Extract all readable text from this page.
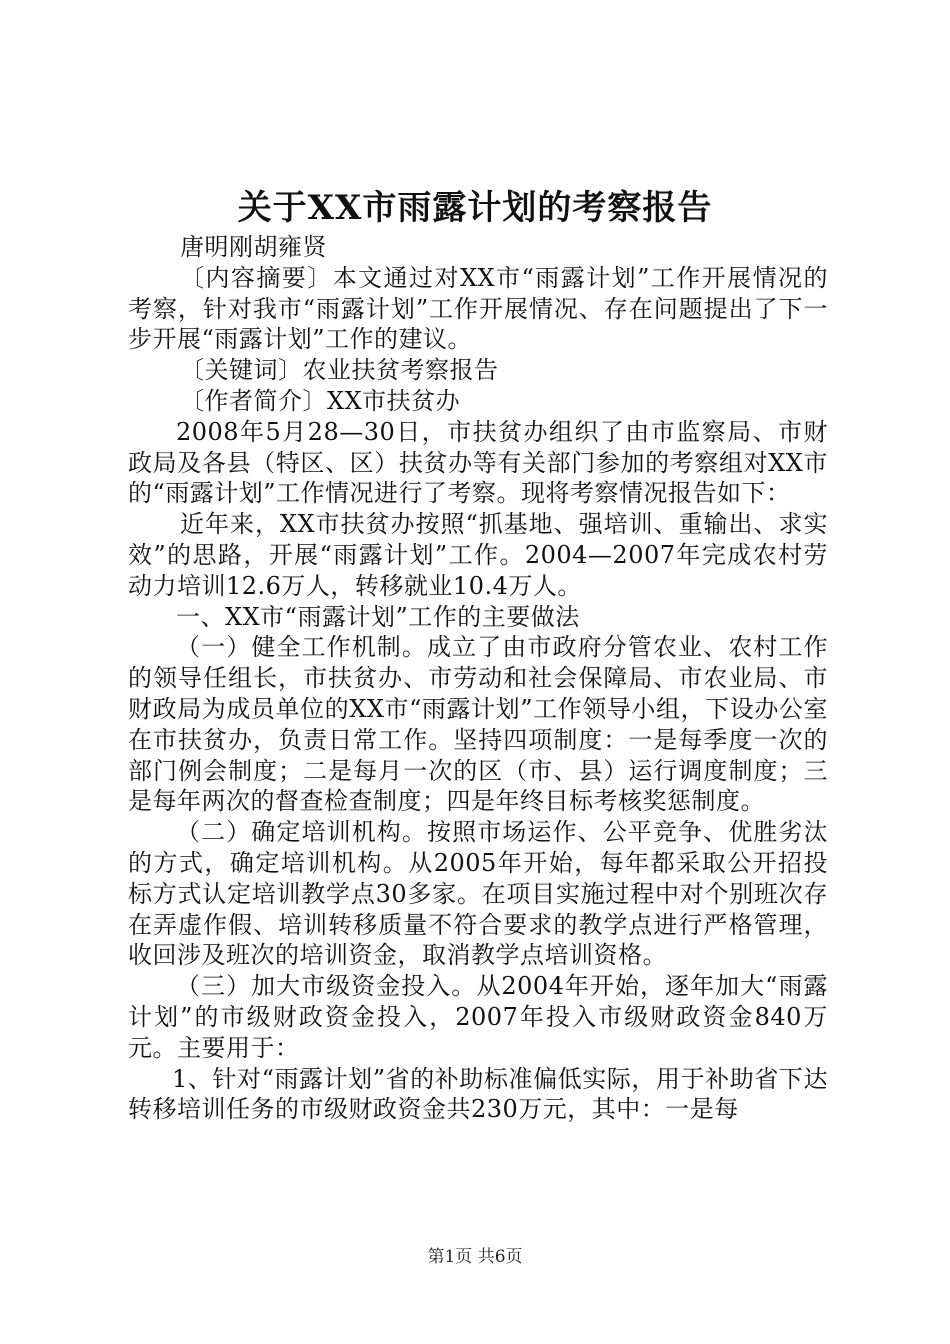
关于XX市雨露计划的考察报告

唐明刚胡雍贤

〔内容摘要〕本文通过对XX市“雨露计划”工作开展情况的考察，针对我市“雨露计划”工作开展情况、存在问题提出了下一步开展“雨露计划”工作的建议。

〔关键词〕农业扶贫考察报告

〔作者简介〕XX市扶贫办

2008年5月28—30日，市扶贫办组织了由市监察局、市财政局及各县（特区、区）扶贫办等有关部门参加的考察组对XX市的“雨露计划”工作情况进行了考察。现将考察情况报告如下：

近年来，XX市扶贫办按照“抓基地、强培训、重输出、求实效”的思路，开展“雨露计划”工作。2004—2007年完成农村劳动力培训12.6万人，转移就业10.4万人。

一、XX市“雨露计划”工作的主要做法

（一）健全工作机制。成立了由市政府分管农业、农村工作的领导任组长，市扶贫办、市劳动和社会保障局、市农业局、市财政局为成员单位的XX市“雨露计划”工作领导小组，下设办公室在市扶贫办，负责日常工作。坚持四项制度：一是每季度一次的部门例会制度；二是每月一次的区（市、县）运行调度制度；三是每年两次的督查检查制度；四是年终目标考核奖惩制度。

（二）确定培训机构。按照市场运作、公平竞争、优胜劣汰的方式，确定培训机构。从2005年开始，每年都采取公开招投标方式认定培训教学点30多家。在项目实施过程中对个别班次存在弄虚作假、培训转移质量不符合要求的教学点进行严格管理，收回涉及班次的培训资金，取消教学点培训资格。

（三）加大市级资金投入。从2004年开始，逐年加大“雨露计划”的市级财政资金投入，2007年投入市级财政资金840万元。主要用于：

1、针对“雨露计划”省的补助标准偏低实际，用于补助省下达转移培训任务的市级财政资金共230万元，其中：一是每

第1页 共6页
